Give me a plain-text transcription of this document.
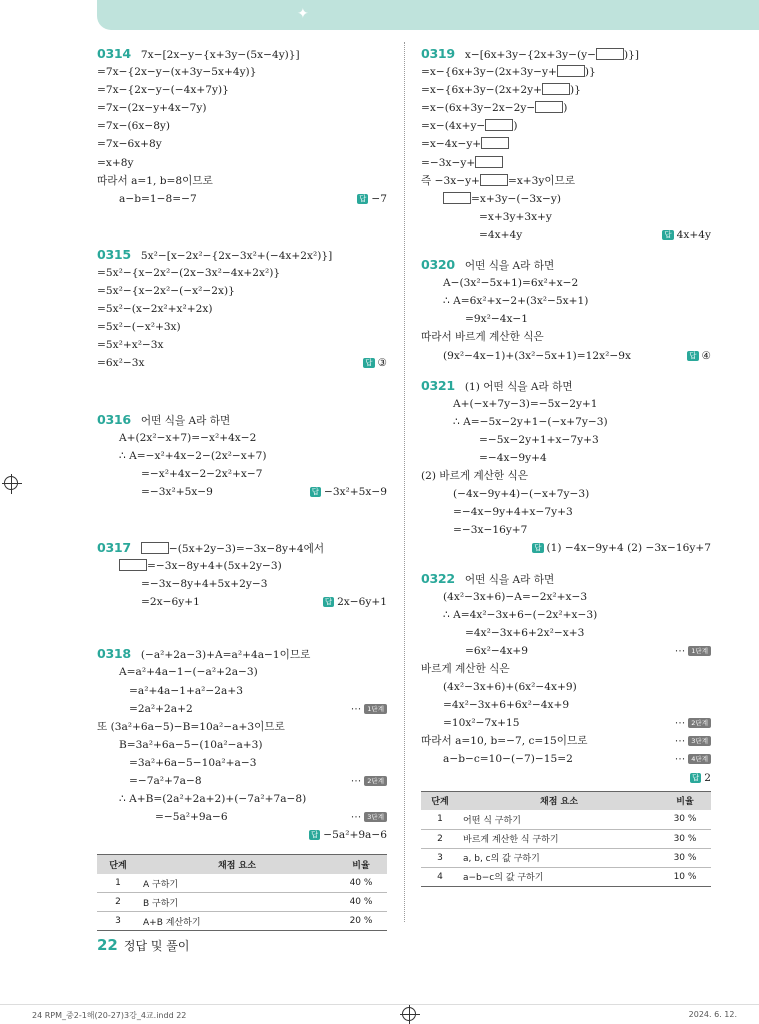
✦
0314 7x−[2x−y−{x+3y−(5x−4y)}]
=7x−{2x−y−(x+3y−5x+4y)}
=7x−{2x−y−(−4x+7y)}
=7x−(2x−y+4x−7y)
=7x−(6x−8y)
=7x−6x+8y
=x+8y
따라서 a=1, b=8이므로
a−b=1−8=−7	답 −7
0315 5x²−[x−2x²−{2x−3x²+(−4x+2x²)}]
=5x²−{x−2x²−(2x−3x²−4x+2x²)}
=5x²−{x−2x²−(−x²−2x)}
=5x²−(x−2x²+x²+2x)
=5x²−(−x²+3x)
=5x²+x²−3x
=6x²−3x	답 ③
0316 어떤 식을 A라 하면
A+(2x²−x+7)=−x²+4x−2
∴ A=−x²+4x−2−(2x²−x+7)
=−x²+4x−2−2x²+x−7
=−3x²+5x−9	답 −3x²+5x−9
0317	−(5x+2y−3)=−3x−8y+4에서
=−3x−8y+4+(5x+2y−3)
=−3x−8y+4+5x+2y−3
=2x−6y+1	답 2x−6y+1
0318 (−a²+2a−3)+A=a²+4a−1이므로
A=a²+4a−1−(−a²+2a−3)
=a²+4a−1+a²−2a+3
=2a²+2a+2	⋯ 1단계
또 (3a²+6a−5)−B=10a²−a+3이므로
B=3a²+6a−5−(10a²−a+3)
=3a²+6a−5−10a²+a−3
=−7a²+7a−8	⋯ 2단계
∴ A+B=(2a²+2a+2)+(−7a²+7a−8)
=−5a²+9a−6	⋯ 3단계
답 −5a²+9a−6
단계	채점 요소	비율
1	A 구하기	40 %
2	B 구하기	40 %
3	A+B 계산하기	20 %
0319 x−[6x+3y−{2x+3y−(y−	)}]
=x−{6x+3y−(2x+3y−y+	)}
=x−{6x+3y−(2x+2y+	)}
=x−(6x+3y−2x−2y−	)
=x−(4x+y−	)
=x−4x−y+
=−3x−y+
즉 −3x−y+	=x+3y이므로
=x+3y−(−3x−y)
=x+3y+3x+y
=4x+4y	답 4x+4y
0320 어떤 식을 A라 하면
A−(3x²−5x+1)=6x²+x−2
∴ A=6x²+x−2+(3x²−5x+1)
=9x²−4x−1
따라서 바르게 계산한 식은
(9x²−4x−1)+(3x²−5x+1)=12x²−9x	답 ④
0321 (1) 어떤 식을 A라 하면
A+(−x+7y−3)=−5x−2y+1
∴ A=−5x−2y+1−(−x+7y−3)
=−5x−2y+1+x−7y+3
=−4x−9y+4
(2) 바르게 계산한 식은
(−4x−9y+4)−(−x+7y−3)
=−4x−9y+4+x−7y+3
=−3x−16y+7
답 (1) −4x−9y+4 (2) −3x−16y+7
0322 어떤 식을 A라 하면
(4x²−3x+6)−A=−2x²+x−3
∴ A=4x²−3x+6−(−2x²+x−3)
=4x²−3x+6+2x²−x+3
=6x²−4x+9	⋯ 1단계
바르게 계산한 식은
(4x²−3x+6)+(6x²−4x+9)
=4x²−3x+6+6x²−4x+9
=10x²−7x+15	⋯ 2단계
따라서 a=10, b=−7, c=15이므로	⋯ 3단계
a−b−c=10−(−7)−15=2	⋯ 4단계
답 2
단계	채점 요소	비율
1	어떤 식 구하기	30 %
2	바르게 계산한 식 구하기	30 %
3	a, b, c의 값 구하기	30 %
4	a−b−c의 값 구하기	10 %
22 정답 및 풀이
24 RPM_중2-1해(20-27)3강_4교.indd 22	2024. 6. 12.
